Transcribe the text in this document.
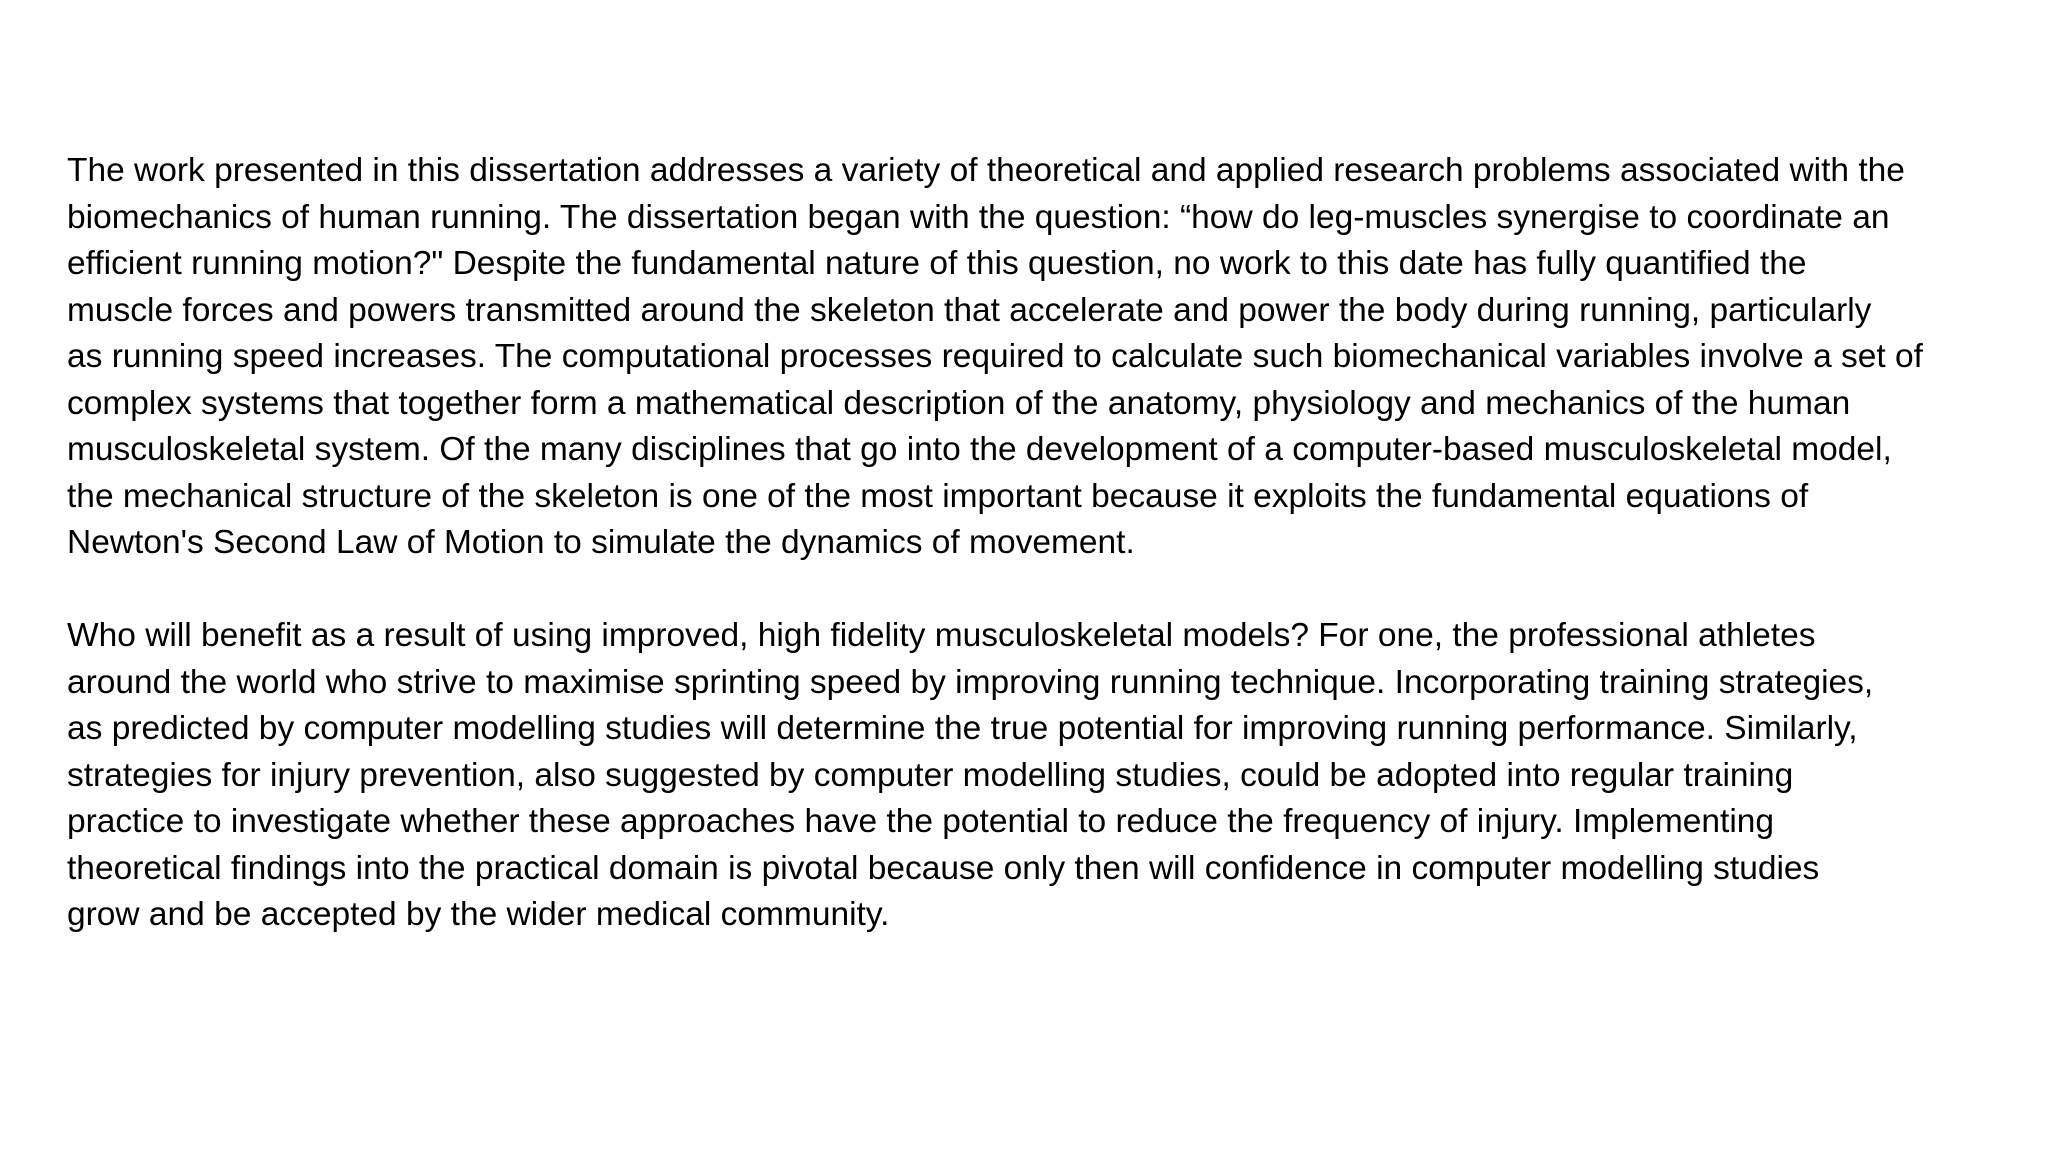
The work presented in this dissertation addresses a variety of theoretical and applied research problems associated with the
biomechanics of human running. The dissertation began with the question: “how do leg-muscles synergise to coordinate an
efficient running motion?" Despite the fundamental nature of this question, no work to this date has fully quantified the
muscle forces and powers transmitted around the skeleton that accelerate and power the body during running, particularly
as running speed increases. The computational processes required to calculate such biomechanical variables involve a set of
complex systems that together form a mathematical description of the anatomy, physiology and mechanics of the human
musculoskeletal system. Of the many disciplines that go into the development of a computer-based musculoskeletal model,
the mechanical structure of the skeleton is one of the most important because it exploits the fundamental equations of
Newton's Second Law of Motion to simulate the dynamics of movement.
Who will benefit as a result of using improved, high fidelity musculoskeletal models? For one, the professional athletes
around the world who strive to maximise sprinting speed by improving running technique. Incorporating training strategies,
as predicted by computer modelling studies will determine the true potential for improving running performance. Similarly,
strategies for injury prevention, also suggested by computer modelling studies, could be adopted into regular training
practice to investigate whether these approaches have the potential to reduce the frequency of injury. Implementing
theoretical findings into the practical domain is pivotal because only then will confidence in computer modelling studies
grow and be accepted by the wider medical community.
